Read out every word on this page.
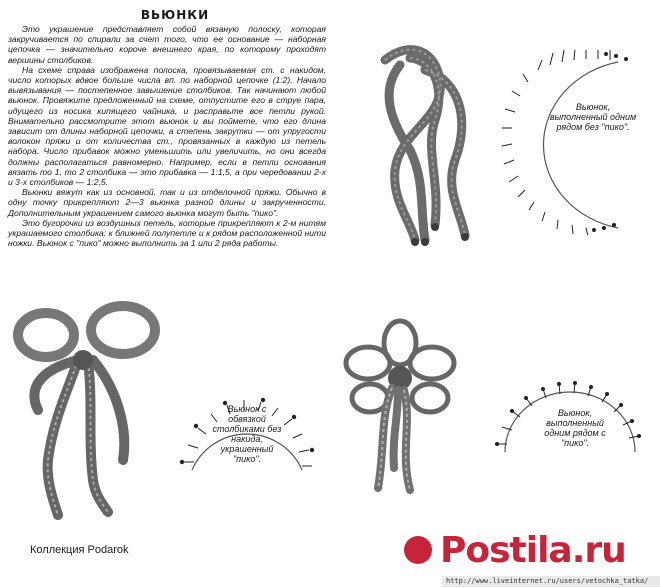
ВЬЮНКИ

Это украшение представляет собой вязаную полоску, которая закручивается по спирали за счет того, что ее основание — наборная цепочка — значительно короче внешнего края, по которому проходят вершины столбиков.

На схеме справа изображена полоска, провязываемая ст. с накидом, число которых вдвое больше числа вп. по наборной цепочке (1:2). Начало вывязывания — постепенное завышение столбиков. Так начинают любой вьюнок. Провяжите предложенный на схеме, отпустите его в струе пара, идущего из носика кипящего чайника, и расправьте все петли рукой. Внимательно рассмотрите этот вьюнок и вы поймете, что его длина зависит от длины наборной цепочки, а степень закрутки — от упругости волокон пряжи и от количества ст., провязанных в каждую из петель набора. Число прибавок можно уменьшить или увеличить, но они всегда должны располагаться равномерно. Например, если в петли основания вязать то 1, то 2 столбика — это прибавка — 1:1,5, а при чередовании 2-х и 3-х столбиков — 1:2,5.

Вьюнки вяжут как из основной, так и из отделочной пряжи. Обычно в одну точку прикрепляют 2—3 вьюнка разной длины и закрученности. Дополнительным украшением самого вьюнка могут быть "пико".

Это бугорочки из воздушных петель, которые прикрепляют к 2-м нитям украшаемого столбика: к ближней полупетле и к рядом расположенной нити ножки. Вьюнок с "пико" можно выполнить за 1 или 2 ряда работы.

Вьюнок, выполненный одним рядом без "пико".
Вьюнок с обвязкой столбиками без накида, украшенный "пико".
Вьюнок, выполненный одним рядом с "пико".
Коллекция Podarok	Postila.ru
http://www.liveinternet.ru/users/vetochka_tatka/
